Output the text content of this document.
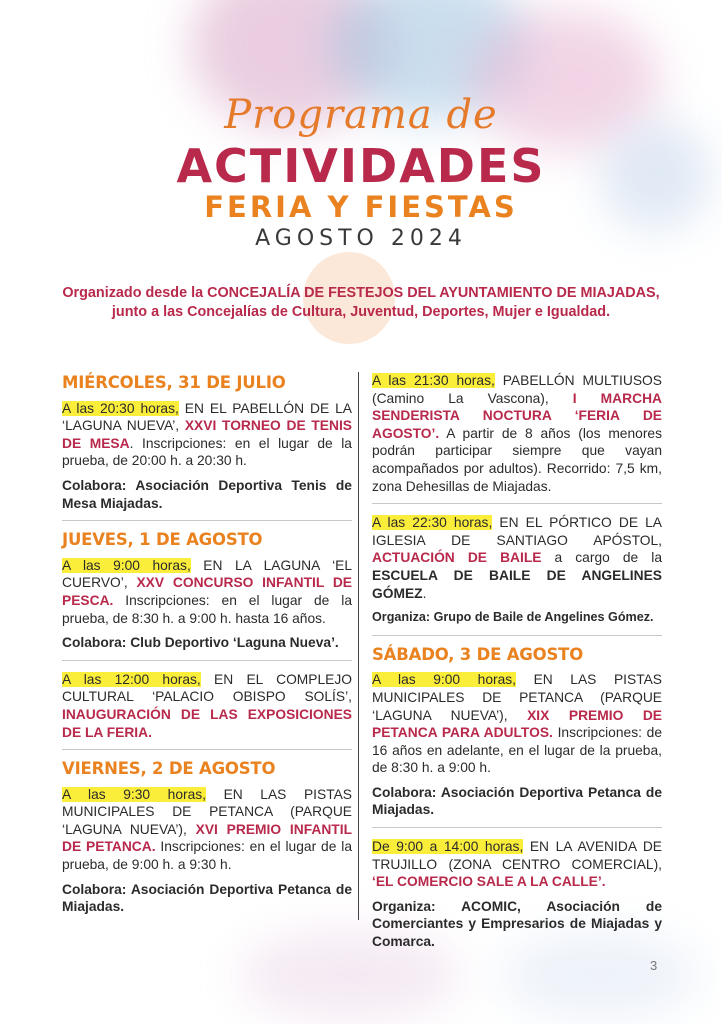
Programa de
ACTIVIDADES
FERIA Y FIESTAS
AGOSTO 2024
Organizado desde la CONCEJALÍA DE FESTEJOS DEL AYUNTAMIENTO DE MIAJADAS,
junto a las Concejalías de Cultura, Juventud, Deportes, Mujer e Igualdad.
MIÉRCOLES, 31 DE JULIO

A las 20:30 horas, EN EL PABELLÓN DE LA ‘LAGUNA NUEVA’, XXVI TORNEO DE TENIS DE MESA. Inscripciones: en el lugar de la prueba, de 20:00 h. a 20:30 h.

Colabora: Asociación Deportiva Tenis de Mesa Miajadas.

JUEVES, 1 DE AGOSTO

A las 9:00 horas, EN LA LAGUNA ‘EL CUERVO’, XXV CONCURSO INFANTIL DE PESCA. Inscripciones: en el lugar de la prueba, de 8:30 h. a 9:00 h. hasta 16 años.

Colabora: Club Deportivo ‘Laguna Nueva’.

A las 12:00 horas, EN EL COMPLEJO CULTURAL ‘PALACIO OBISPO SOLÍS’, INAUGURACIÓN DE LAS EXPOSICIONES DE LA FERIA.

VIERNES, 2 DE AGOSTO

A las 9:30 horas, EN LAS PISTAS MUNICIPALES DE PETANCA (PARQUE ‘LAGUNA NUEVA’), XVI PREMIO INFANTIL DE PETANCA. Inscripciones: en el lugar de la prueba, de 9:00 h. a 9:30 h.

Colabora: Asociación Deportiva Petanca de Miajadas.

A las 21:30 horas, PABELLÓN MULTIUSOS (Camino La Vascona), I MARCHA SENDERISTA NOCTURA ‘FERIA DE AGOSTO’. A partir de 8 años (los menores podrán participar siempre que vayan acompañados por adultos). Recorrido: 7,5 km, zona Dehesillas de Miajadas.

A las 22:30 horas, EN EL PÓRTICO DE LA IGLESIA DE SANTIAGO APÓSTOL, ACTUACIÓN DE BAILE a cargo de la ESCUELA DE BAILE DE ANGELINES GÓMEZ.

Organiza: Grupo de Baile de Angelines Gómez.

SÁBADO, 3 DE AGOSTO

A las 9:00 horas, EN LAS PISTAS MUNICIPALES DE PETANCA (PARQUE ‘LAGUNA NUEVA’), XIX PREMIO DE PETANCA PARA ADULTOS. Inscripciones: de 16 años en adelante, en el lugar de la prueba, de 8:30 h. a 9:00 h.

Colabora: Asociación Deportiva Petanca de Miajadas.

De 9:00 a 14:00 horas, EN LA AVENIDA DE TRUJILLO (ZONA CENTRO COMERCIAL), ‘EL COMERCIO SALE A LA CALLE’.

Organiza: ACOMIC, Asociación de Comerciantes y Empresarios de Miajadas y Comarca.

3
